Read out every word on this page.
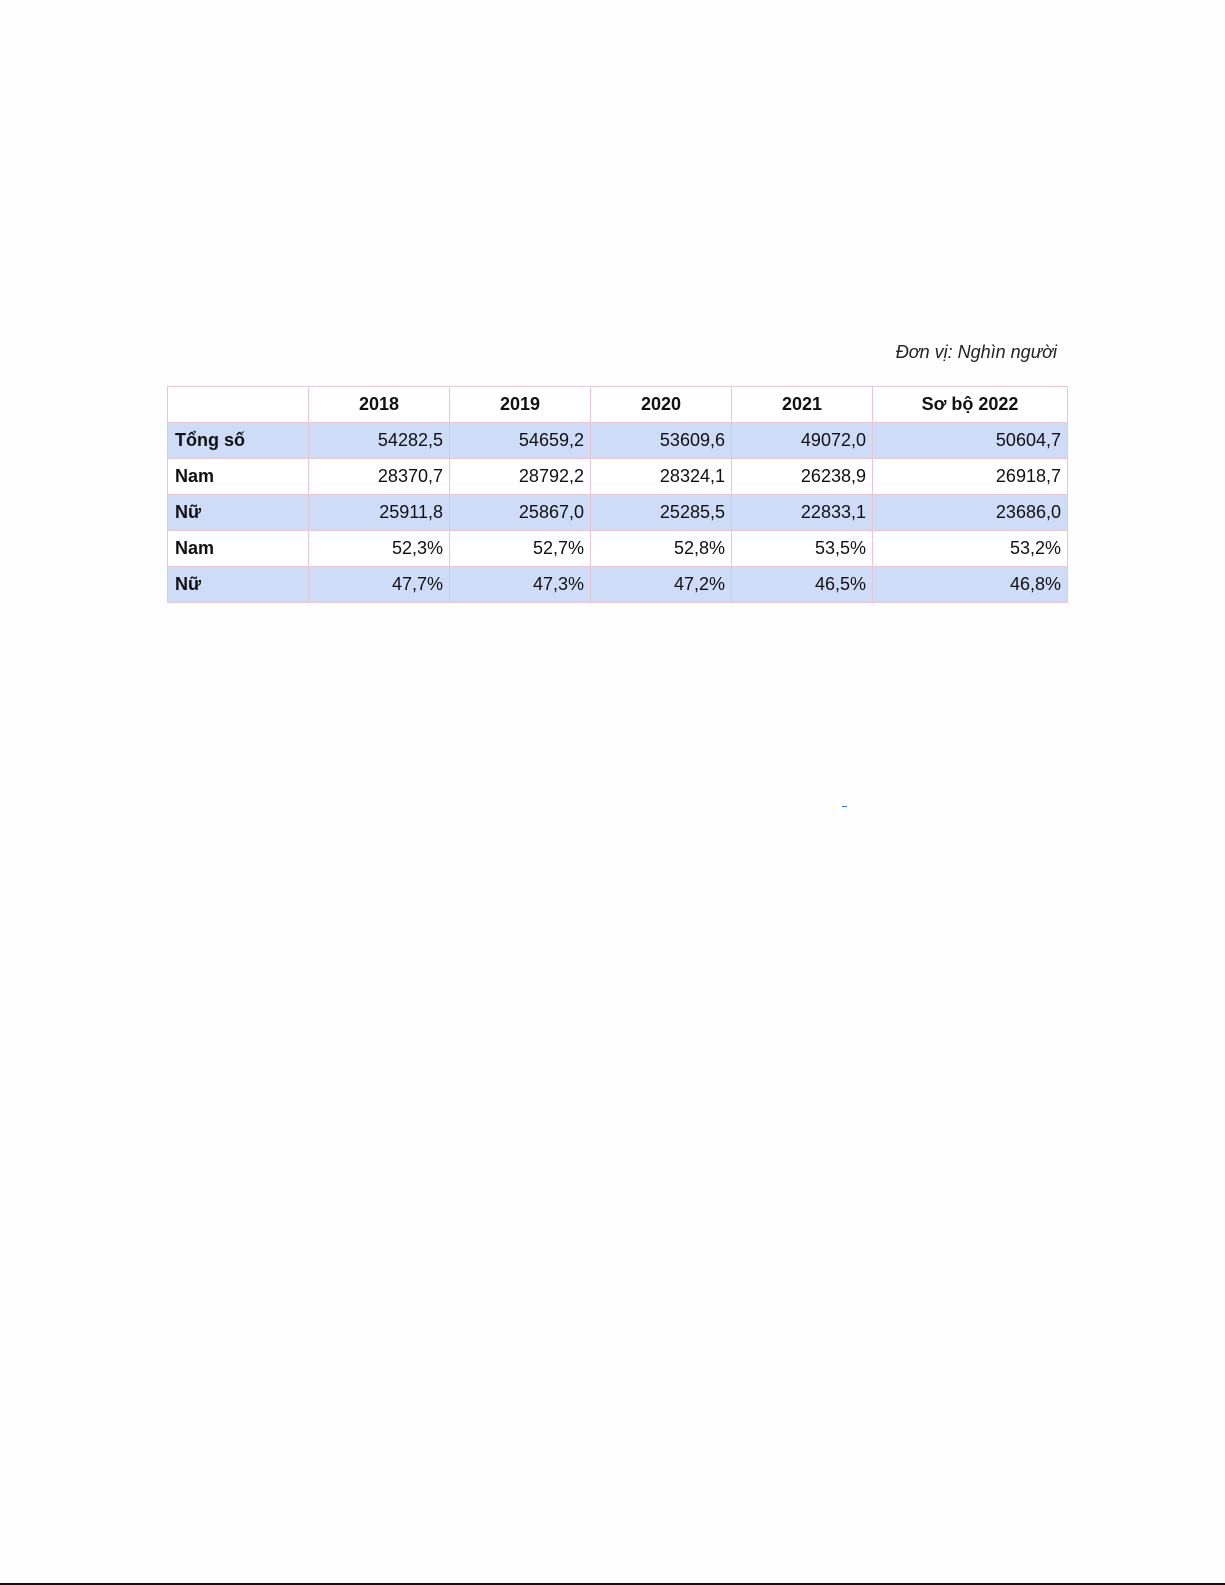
Đơn vị: Nghìn người
	2018	2019	2020	2021	Sơ bộ 2022
Tổng số	54282,5	54659,2	53609,6	49072,0	50604,7
Nam	28370,7	28792,2	28324,1	26238,9	26918,7
Nữ	25911,8	25867,0	25285,5	22833,1	23686,0
Nam	52,3%	52,7%	52,8%	53,5%	53,2%
Nữ	47,7%	47,3%	47,2%	46,5%	46,8%
